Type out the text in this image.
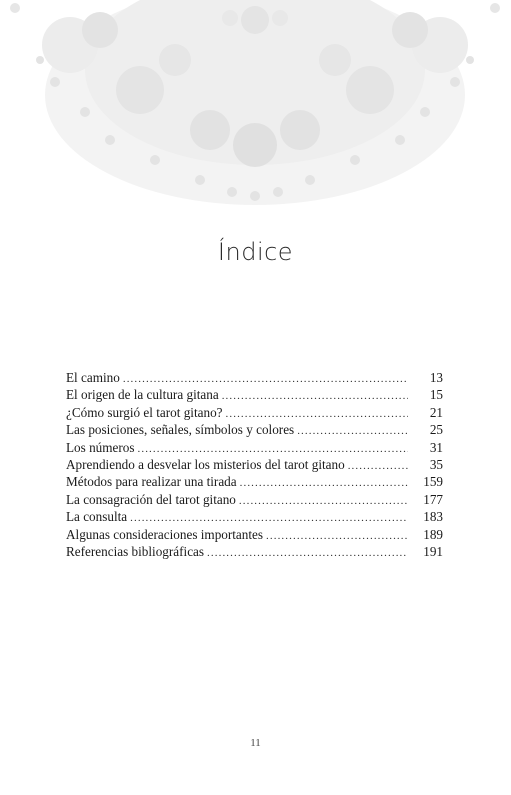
Índice
El camino .....	13
El origen de la cultura gitana .....	15
¿Cómo surgió el tarot gitano? .....	21
Las posiciones, señales, símbolos y colores .....	25
Los números .....	31
Aprendiendo a desvelar los misterios del tarot gitano .....	35
Métodos para realizar una tirada .....	159
La consagración del tarot gitano .....	177
La consulta .....	183
Algunas consideraciones importantes .....	189
Referencias bibliográficas .....	191
11
